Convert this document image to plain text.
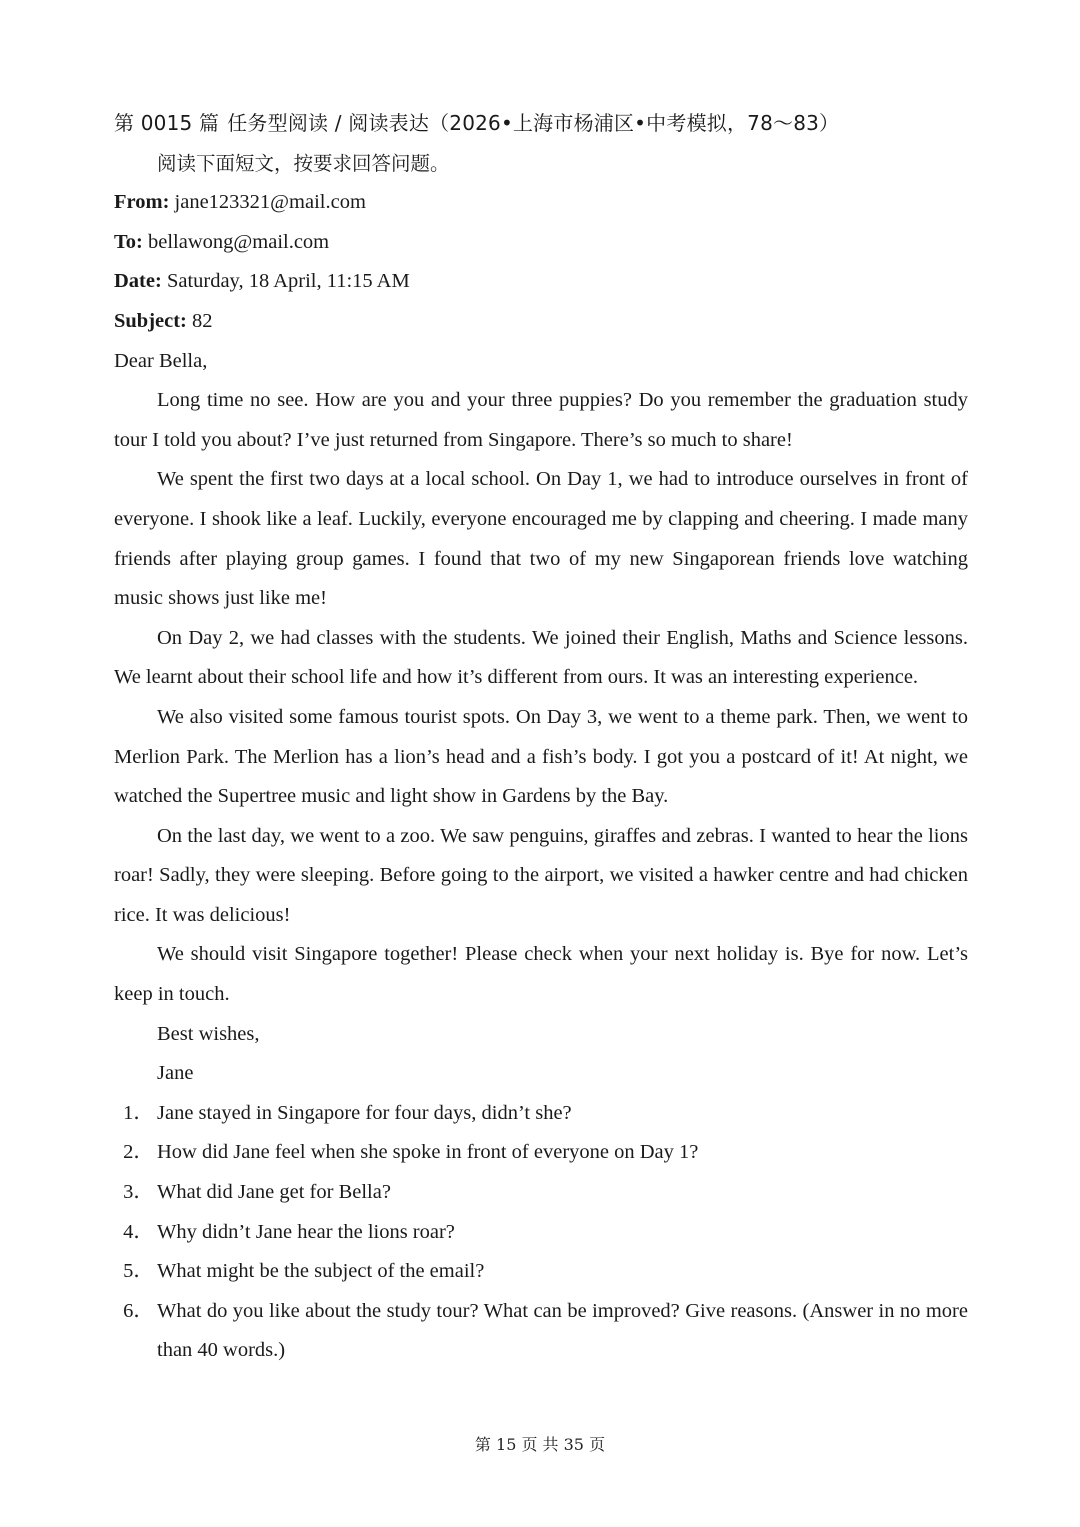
第 0015 篇 任务型阅读 / 阅读表达（2026•上海市杨浦区•中考模拟，78～83）
阅读下面短文，按要求回答问题。
From: jane123321@mail.com
To: bellawong@mail.com
Date: Saturday, 18 April, 11:15 AM
Subject: 82

Dear Bella,

Long time no see. How are you and your three puppies? Do you remember the graduation study tour I told you about? I’ve just returned from Singapore. There’s so much to share!

We spent the first two days at a local school. On Day 1, we had to introduce ourselves in front of everyone. I shook like a leaf. Luckily, everyone encouraged me by clapping and cheering. I made many friends after playing group games. I found that two of my new Singaporean friends love watching music shows just like me!

On Day 2, we had classes with the students. We joined their English, Maths and Science lessons. We learnt about their school life and how it’s different from ours. It was an interesting experience.

We also visited some famous tourist spots. On Day 3, we went to a theme park. Then, we went to Merlion Park. The Merlion has a lion’s head and a fish’s body. I got you a postcard of it! At night, we watched the Supertree music and light show in Gardens by the Bay.

On the last day, we went to a zoo. We saw penguins, giraffes and zebras. I wanted to hear the lions roar! Sadly, they were sleeping. Before going to the airport, we visited a hawker centre and had chicken rice. It was delicious!

We should visit Singapore together! Please check when your next holiday is. Bye for now. Let’s keep in touch.

Best wishes,

Jane

1． Jane stayed in Singapore for four days, didn’t she?
2． How did Jane feel when she spoke in front of everyone on Day 1?
3． What did Jane get for Bella?
4． Why didn’t Jane hear the lions roar?
5． What might be the subject of the email?
6． What do you like about the study tour? What can be improved? Give reasons. (Answer in no more than 40 words.)
第 15 页 共 35 页
